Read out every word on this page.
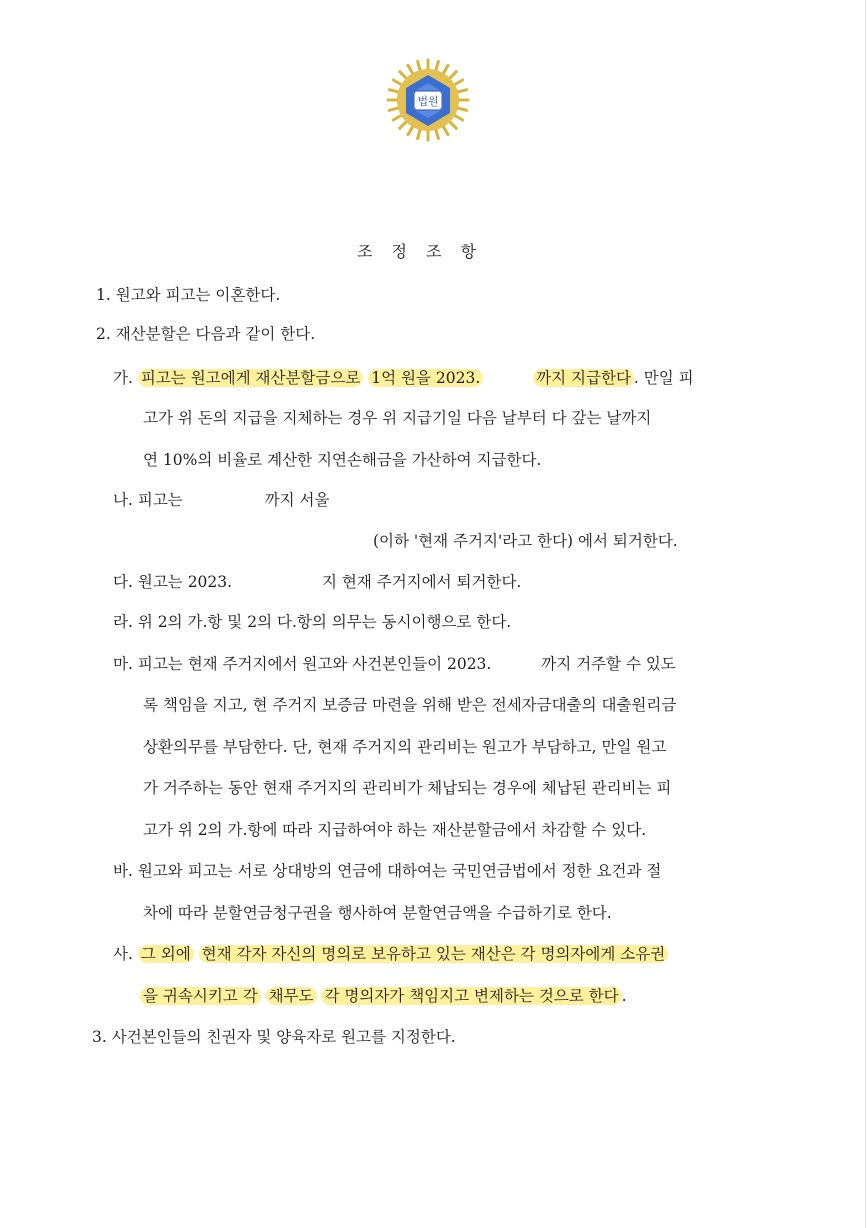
법원
조 정 조 항
1. 원고와 피고는 이혼한다.
2. 재산분할은 다음과 같이 한다.
가. 피고는 원고에게 재산분할금으로 1억 원을 2023.	까지 지급한다 . 만일 피
고가 위 돈의 지급을 지체하는 경우 위 지급기일 다음 날부터 다 갚는 날까지
연 10%의 비율로 계산한 지연손해금을 가산하여 지급한다.
나. 피고는	까지 서울
(이하 '현재 주거지'라고 한다) 에서 퇴거한다.
다. 원고는 2023.	지 현재 주거지에서 퇴거한다.
라. 위 2의 가.항 및 2의 다.항의 의무는 동시이행으로 한다.
마. 피고는 현재 주거지에서 원고와 사건본인들이 2023.	까지 거주할 수 있도
록 책임을 지고, 현 주거지 보증금 마련을 위해 받은 전세자금대출의 대출원리금
상환의무를 부담한다. 단, 현재 주거지의 관리비는 원고가 부담하고, 만일 원고
가 거주하는 동안 현재 주거지의 관리비가 체납되는 경우에 체납된 관리비는 피
고가 위 2의 가.항에 따라 지급하여야 하는 재산분할금에서 차감할 수 있다.
바. 원고와 피고는 서로 상대방의 연금에 대하여는 국민연금법에서 정한 요건과 절
차에 따라 분할연금청구권을 행사하여 분할연금액을 수급하기로 한다.
사. 그 외에 현재 각자 자신의 명의로 보유하고 있는 재산은 각 명의자에게 소유권
을 귀속시키고 각 채무도 각 명의자가 책임지고 변제하는 것으로 한다 .
3. 사건본인들의 친권자 및 양육자로 원고를 지정한다.
